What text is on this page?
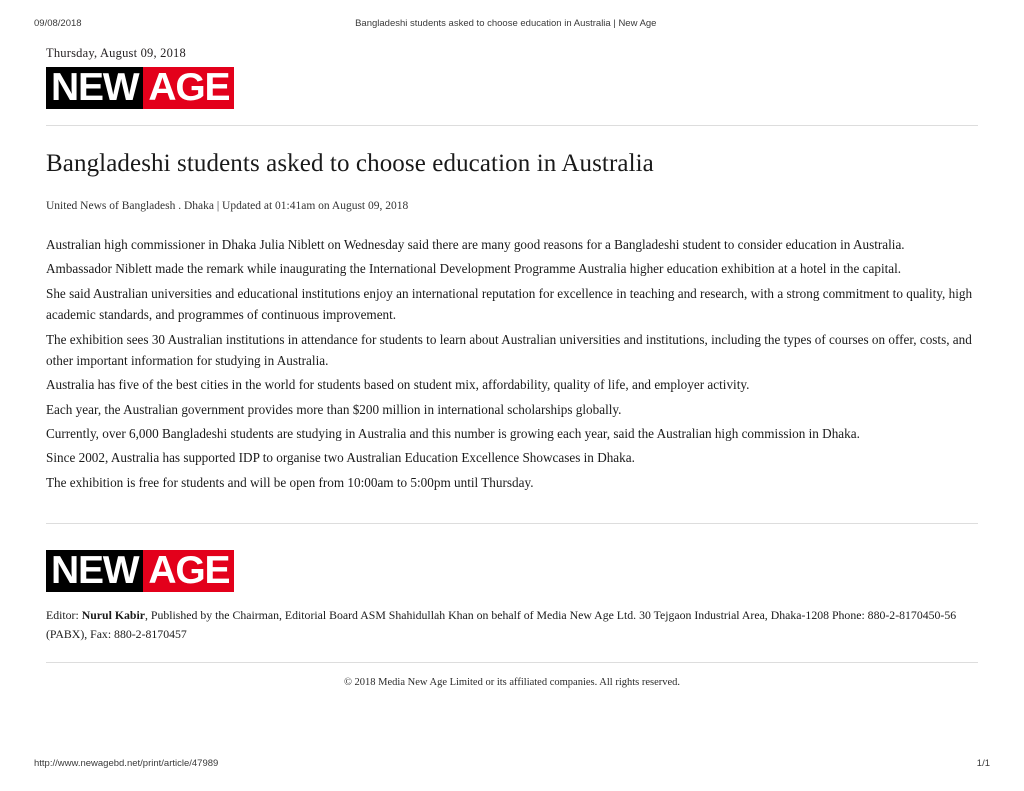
09/08/2018	Bangladeshi students asked to choose education in Australia | New Age
Thursday, August 09, 2018
NEW AGE
Bangladeshi students asked to choose education in Australia
United News of Bangladesh . Dhaka | Updated at 01:41am on August 09, 2018

Australian high commissioner in Dhaka Julia Niblett on Wednesday said there are many good reasons for a Bangladeshi student to consider education in Australia.

Ambassador Niblett made the remark while inaugurating the International Development Programme Australia higher education exhibition at a hotel in the capital.

She said Australian universities and educational institutions enjoy an international reputation for excellence in teaching and research, with a strong commitment to quality, high academic standards, and programmes of continuous improvement.

The exhibition sees 30 Australian institutions in attendance for students to learn about Australian universities and institutions, including the types of courses on offer, costs, and other important information for studying in Australia.

Australia has five of the best cities in the world for students based on student mix, affordability, quality of life, and employer activity.

Each year, the Australian government provides more than $200 million in international scholarships globally.

Currently, over 6,000 Bangladeshi students are studying in Australia and this number is growing each year, said the Australian high commission in Dhaka.

Since 2002, Australia has supported IDP to organise two Australian Education Excellence Showcases in Dhaka.

The exhibition is free for students and will be open from 10:00am to 5:00pm until Thursday.

NEW AGE

Editor: Nurul Kabir, Published by the Chairman, Editorial Board ASM Shahidullah Khan on behalf of Media New Age Ltd. 30 Tejgaon Industrial Area, Dhaka-1208 Phone: 880-2-8170450-56 (PABX), Fax: 880-2-8170457

© 2018 Media New Age Limited or its affiliated companies. All rights reserved.
http://www.newagebd.net/print/article/47989	1/1
